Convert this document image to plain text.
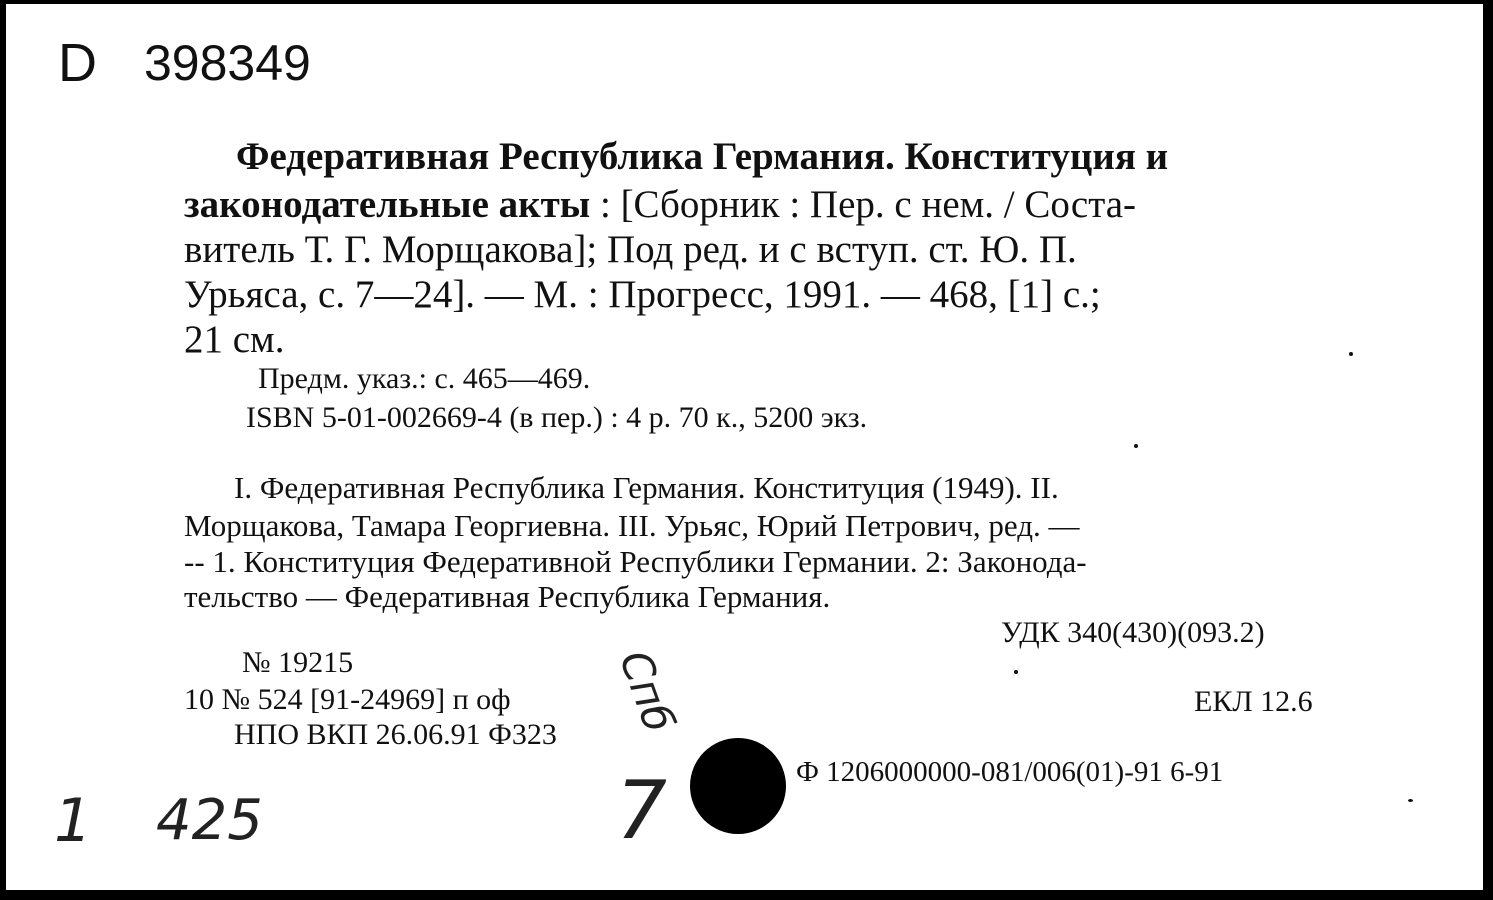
D 398349
Федеративная Республика Германия. Конституция и
законодательные акты : [Сборник : Пер. с нем. / Соста-
витель Т. Г. Морщакова]; Под ред. и с вступ. ст. Ю. П.
Урьяса, с. 7—24]. — М. : Прогресс, 1991. — 468, [1] с.;
21 см.
Предм. указ.: с. 465—469.
ISBN 5-01-002669-4 (в пер.) : 4 р. 70 к., 5200 экз.
I. Федеративная Республика Германия. Конституция (1949). II.
Морщакова, Тамара Георгиевна. III. Урьяс, Юрий Петрович, ред. —
-- 1. Конституция Федеративной Республики Германии. 2: Законода-
тельство — Федеративная Республика Германия.
УДК 340(430)(093.2)
№ 19215
10 № 524 [91-24969] п оф	ЕКЛ 12.6
НПО ВКП 26.06.91 Ф323
Ф 1206000000-081/006(01)-91 6-91
1 425	7
Спб
